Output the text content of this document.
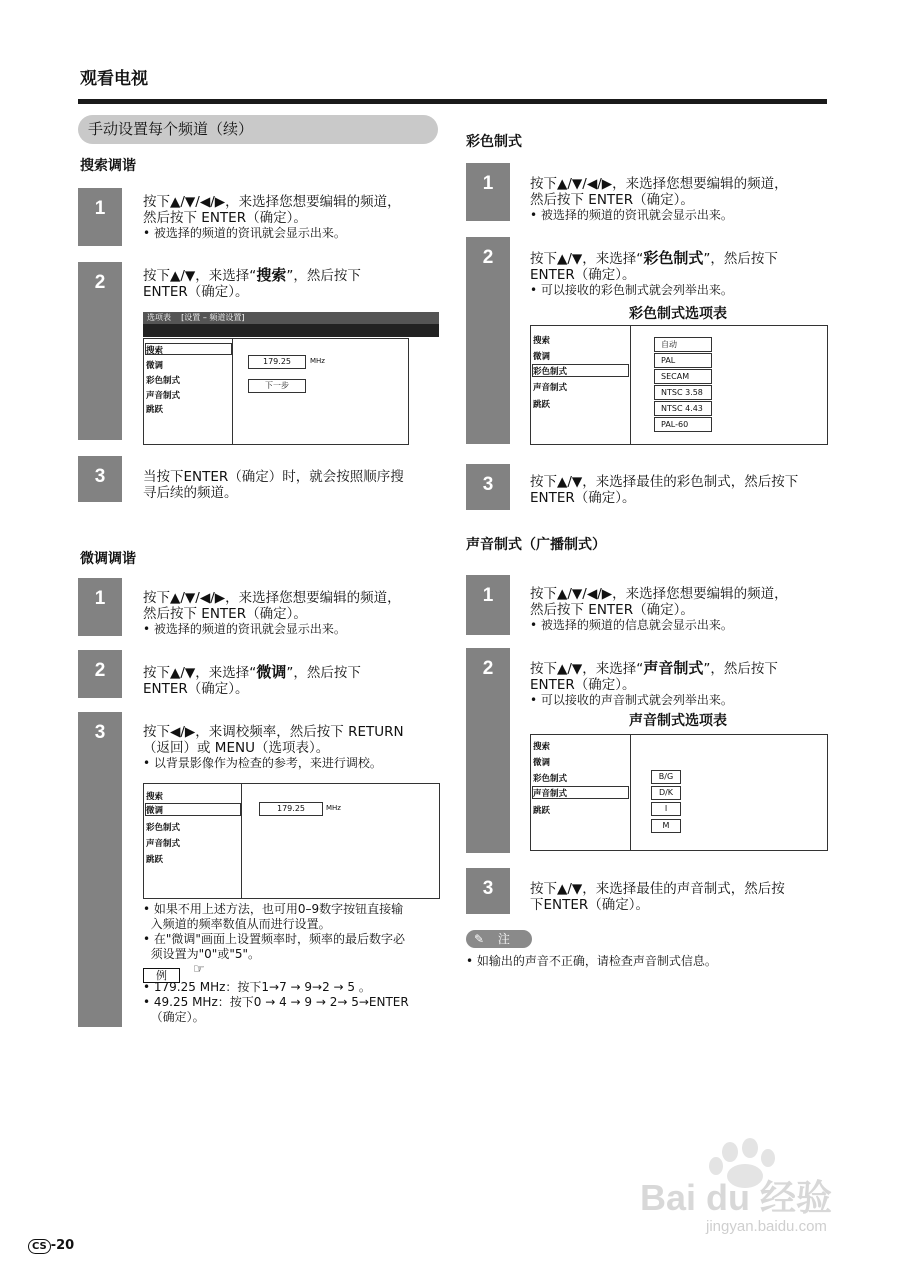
观看电视
手动设置每个频道（续）
搜索调谐
1	按下▲/▼/◀/▶，来选择您想要编辑的频道，
然后按下 ENTER（确定）。
• 被选择的频道的资讯就会显示出来。
2	按下▲/▼，来选择“搜索”，然后按下
ENTER（确定）。
选项表 [设置 – 频道设置]
搜索
微调
彩色制式
声音制式
跳跃
179.25	MHz
下一步
3	当按下ENTER（确定）时，就会按照顺序搜
寻后续的频道。
微调调谐
1	按下▲/▼/◀/▶，来选择您想要编辑的频道，
然后按下 ENTER（确定）。
• 被选择的频道的资讯就会显示出来。
2	按下▲/▼，来选择“微调”，然后按下
ENTER（确定）。
3	按下◀/▶，来调校频率，然后按下 RETURN
（返回）或 MENU（选项表）。
• 以背景影像作为检查的参考，来进行调校。
搜索
微调
彩色制式
声音制式
跳跃
179.25	MHz
• 如果不用上述方法，也可用0–9数字按钮直接输
入频道的频率数值从而进行设置。
• 在"微调"画面上设置频率时，频率的最后数字必
须设置为"0"或"5"。
例 ☞
• 179.25 MHz：按下1→7 → 9→2 → 5 。
• 49.25 MHz：按下0 → 4 → 9 → 2→ 5→ENTER
（确定）。
彩色制式
1	按下▲/▼/◀/▶，来选择您想要编辑的频道，
然后按下 ENTER（确定）。
• 被选择的频道的资讯就会显示出来。
2	按下▲/▼，来选择“彩色制式”，然后按下
ENTER（确定）。
• 可以接收的彩色制式就会列举出来。
彩色制式选项表
搜索
微调
彩色制式
声音制式
跳跃
自动
PAL
SECAM
NTSC 3.58
NTSC 4.43
PAL-60
3	按下▲/▼，来选择最佳的彩色制式，然后按下
ENTER（确定）。
声音制式（广播制式）
1	按下▲/▼/◀/▶，来选择您想要编辑的频道，
然后按下 ENTER（确定）。
• 被选择的频道的信息就会显示出来。
2	按下▲/▼，来选择“声音制式”，然后按下
ENTER（确定）。
• 可以接收的声音制式就会列举出来。
声音制式选项表
搜索
微调
彩色制式
声音制式
跳跃
B/G
D/K
I
M
3	按下▲/▼，来选择最佳的声音制式，然后按
下ENTER（确定）。
✎ 注
• 如输出的声音不正确，请检查声音制式信息。
Bai du 经验
jingyan.baidu.com
CS -20
